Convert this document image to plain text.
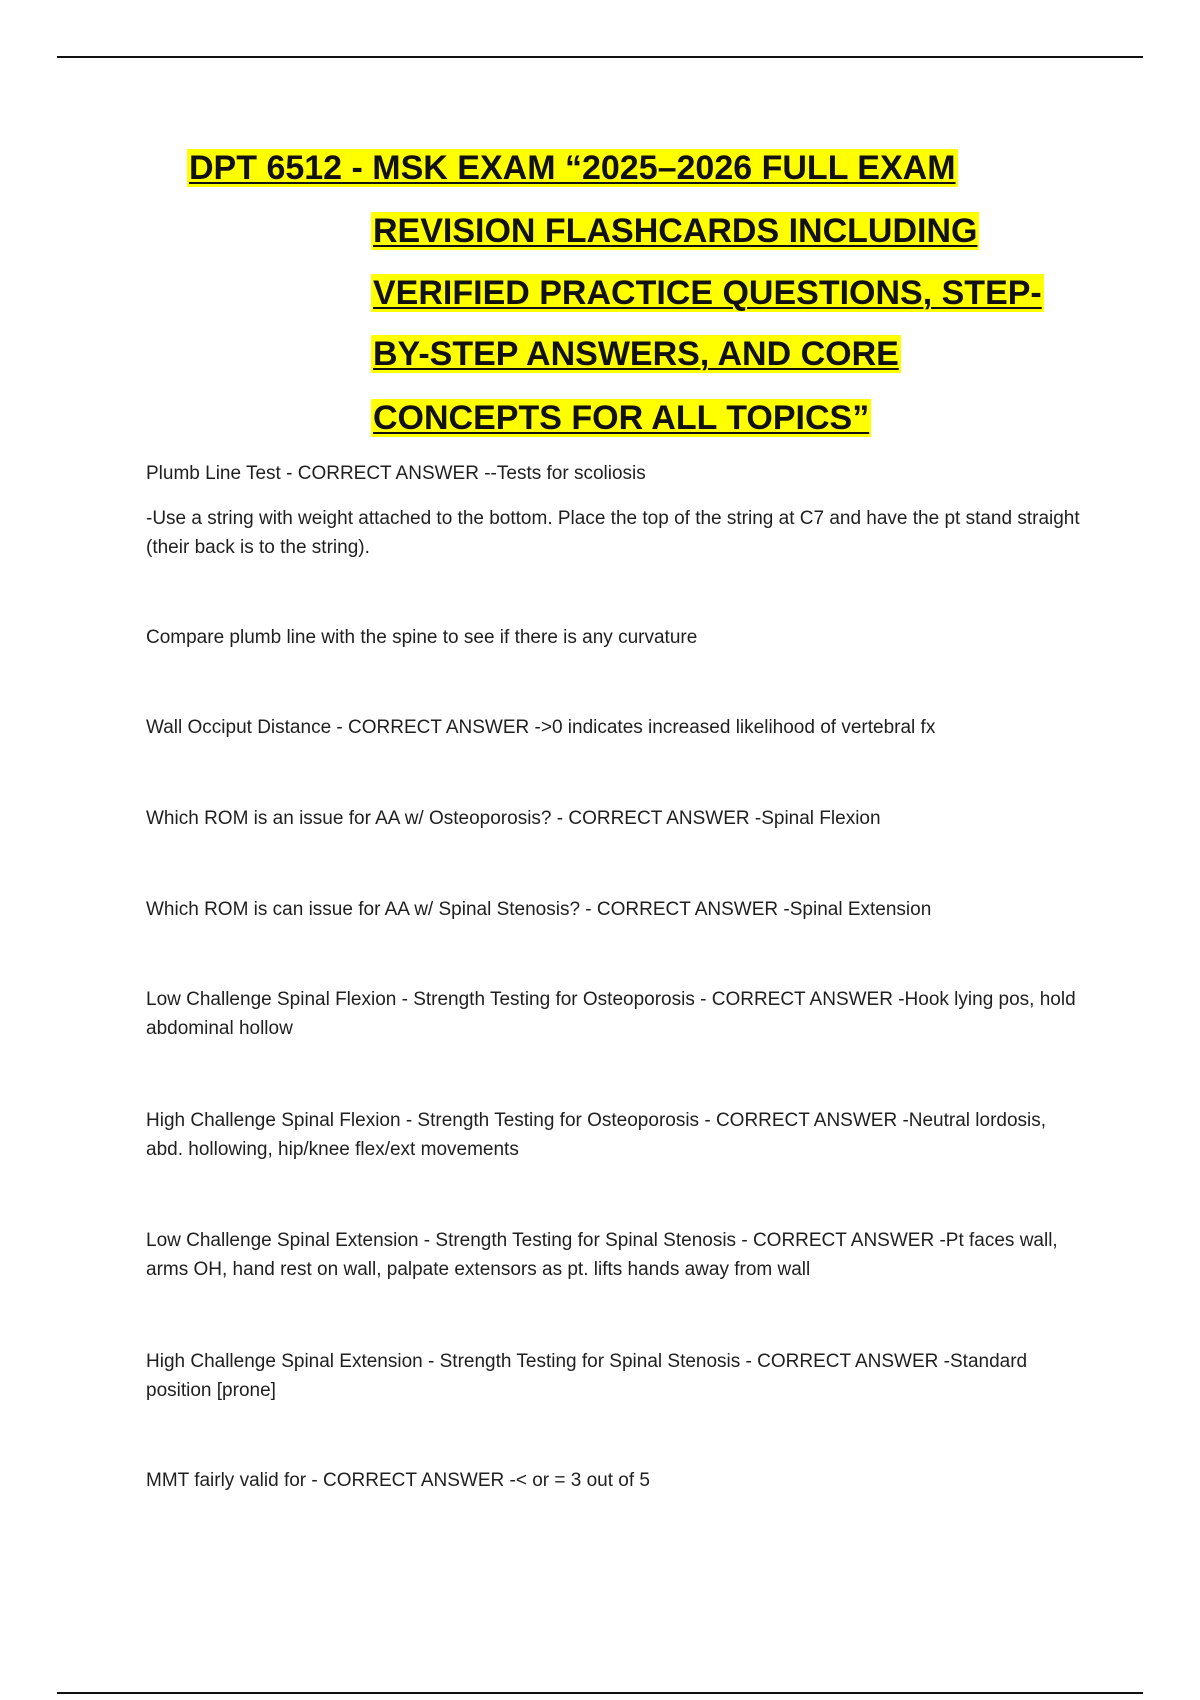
DPT 6512 - MSK EXAM “2025–2026 FULL EXAM
REVISION FLASHCARDS INCLUDING
VERIFIED PRACTICE QUESTIONS, STEP-
BY-STEP ANSWERS, AND CORE
CONCEPTS FOR ALL TOPICS”
Plumb Line Test - CORRECT ANSWER --Tests for scoliosis
-Use a string with weight attached to the bottom. Place the top of the string at C7 and have the pt stand straight (their back is to the string).
Compare plumb line with the spine to see if there is any curvature
Wall Occiput Distance - CORRECT ANSWER ->0 indicates increased likelihood of vertebral fx
Which ROM is an issue for AA w/ Osteoporosis? - CORRECT ANSWER -Spinal Flexion
Which ROM is can issue for AA w/ Spinal Stenosis? - CORRECT ANSWER -Spinal Extension
Low Challenge Spinal Flexion - Strength Testing for Osteoporosis - CORRECT ANSWER -Hook lying pos, hold abdominal hollow
High Challenge Spinal Flexion - Strength Testing for Osteoporosis - CORRECT ANSWER -Neutral lordosis, abd. hollowing, hip/knee flex/ext movements
Low Challenge Spinal Extension - Strength Testing for Spinal Stenosis - CORRECT ANSWER -Pt faces wall, arms OH, hand rest on wall, palpate extensors as pt. lifts hands away from wall
High Challenge Spinal Extension - Strength Testing for Spinal Stenosis - CORRECT ANSWER -Standard position [prone]
MMT fairly valid for - CORRECT ANSWER -< or = 3 out of 5
